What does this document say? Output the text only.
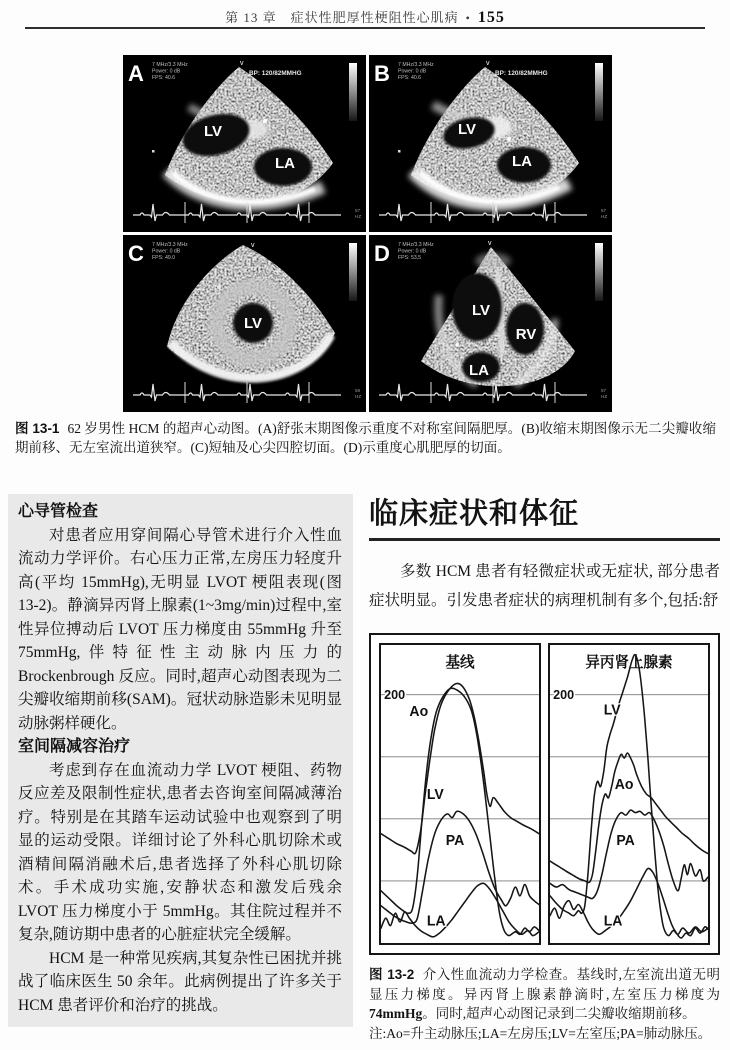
第 13 章 症状性肥厚性梗阻性心肌病 • 155
A 7 MHz/3.3 MHz
Power: 0 dB
FPS: 40.6
BP: 120/82MMHG
v
LV
LA
57
HZ
B 7 MHz/3.3 MHz
Power: 0 dB
FPS: 40.6
BP: 120/82MMHG
v
LV
LA
57
HZ
C 7 MHz/3.3 MHz
Power: 0 dB
FPS: 49.0
v
LV
58
HZ
D 7 MHz/3.3 MHz
Power: 0 dB
FPS: 53.5
v
LV
RV
LA
57
HZ
图 13-1 62 岁男性 HCM 的超声心动图。(A)舒张末期图像示重度不对称室间隔肥厚。(B)收缩末期图像示无二尖瓣收缩期前移、无左室流出道狭窄。(C)短轴及心尖四腔切面。(D)示重度心肌肥厚的切面。
心导管检查

对患者应用穿间隔心导管术进行介入性血流动力学评价。右心压力正常,左房压力轻度升高(平均 15mmHg),无明显 LVOT 梗阻表现(图 13-2)。静滴异丙肾上腺素(1~3mg/min)过程中,室性异位搏动后 LVOT 压力梯度由 55mmHg 升至 75mmHg,伴特征性主动脉内压力的 Brockenbrough 反应。同时,超声心动图表现为二尖瓣收缩期前移(SAM)。冠状动脉造影未见明显动脉粥样硬化。

室间隔减容治疗

考虑到存在血流动力学 LVOT 梗阻、药物反应差及限制性症状,患者去咨询室间隔减薄治疗。特别是在其踏车运动试验中也观察到了明显的运动受限。详细讨论了外科心肌切除术或酒精间隔消融术后,患者选择了外科心肌切除术。手术成功实施,安静状态和激发后残余 LVOT 压力梯度小于 5mmHg。其住院过程并不复杂,随访期中患者的心脏症状完全缓解。

HCM 是一种常见疾病,其复杂性已困扰并挑战了临床医生 50 余年。此病例提出了许多关于 HCM 患者评价和治疗的挑战。

临床症状和体征

多数 HCM 患者有轻微症状或无症状, 部分患者症状明显。引发患者症状的病理机制有多个,包括:舒

200
Ao
LV
PA
LA
基线
200
LV
Ao
PA
LA
异丙肾上腺素
图 13-2 介入性血流动力学检查。基线时,左室流出道无明显压力梯度。异丙肾上腺素静滴时,左室压力梯度为 74mmHg。同时,超声心动图记录到二尖瓣收缩期前移。
注:Ao=升主动脉压;LA=左房压;LV=左室压;PA=肺动脉压。
